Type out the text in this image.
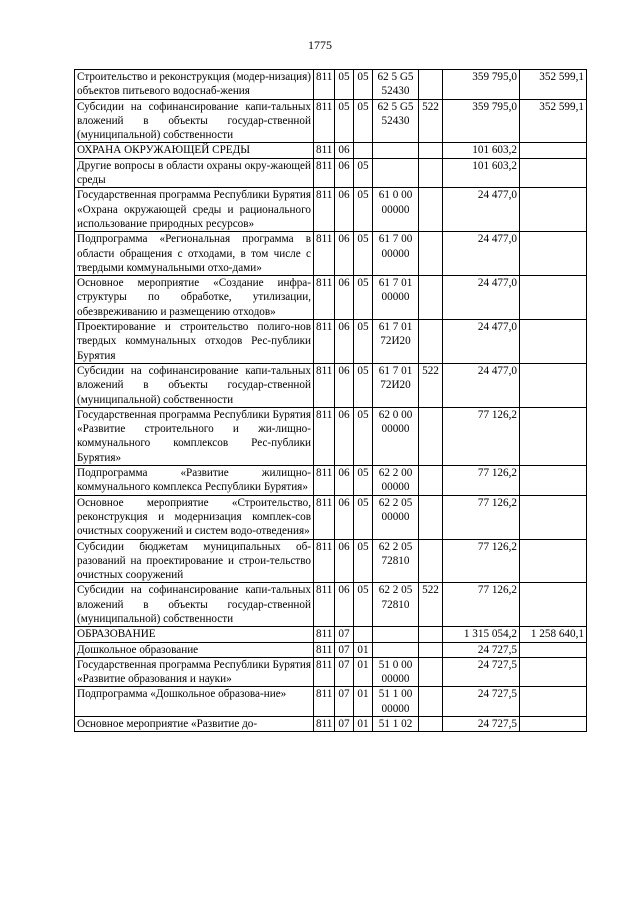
1775
Строительство и реконструкция (модер-низация) объектов питьевого водоснаб-жения	811	05	05	62 5 G5 52430		359 795,0	352 599,1
Субсидии на софинансирование капи-тальных вложений в объекты государ-ственной (муниципальной) собственности	811	05	05	62 5 G5 52430	522	359 795,0	352 599,1
ОХРАНА ОКРУЖАЮЩЕЙ СРЕДЫ	811	06				101 603,2	
Другие вопросы в области охраны окру-жающей среды	811	06	05			101 603,2	
Государственная программа Республики Бурятия «Охрана окружающей среды и рационального использование природных ресурсов»	811	06	05	61 0 00 00000		24 477,0	
Подпрограмма «Региональная программа в области обращения с отходами, в том числе с твердыми коммунальными отхо-дами»	811	06	05	61 7 00 00000		24 477,0	
Основное мероприятие «Создание инфра-структуры по обработке, утилизации, обезвреживанию и размещению отходов»	811	06	05	61 7 01 00000		24 477,0	
Проектирование и строительство полиго-нов твердых коммунальных отходов Рес-публики Бурятия	811	06	05	61 7 01 72И20		24 477,0	
Субсидии на софинансирование капи-тальных вложений в объекты государ-ственной (муниципальной) собственности	811	06	05	61 7 01 72И20	522	24 477,0	
Государственная программа Республики Бурятия «Развитие строительного и жи-лищно-коммунального комплексов Рес-публики Бурятия»	811	06	05	62 0 00 00000		77 126,2	
Подпрограмма «Развитие жилищно-коммунального комплекса Республики Бурятия»	811	06	05	62 2 00 00000		77 126,2	
Основное мероприятие «Строительство, реконструкция и модернизация комплек-сов очистных сооружений и систем водо-отведения»	811	06	05	62 2 05 00000		77 126,2	
Субсидии бюджетам муниципальных об-разований на проектирование и строи-тельство очистных сооружений	811	06	05	62 2 05 72810		77 126,2	
Субсидии на софинансирование капи-тальных вложений в объекты государ-ственной (муниципальной) собственности	811	06	05	62 2 05 72810	522	77 126,2	
ОБРАЗОВАНИЕ	811	07				1 315 054,2	1 258 640,1
Дошкольное образование	811	07	01			24 727,5	
Государственная программа Республики Бурятия «Развитие образования и науки»	811	07	01	51 0 00 00000		24 727,5	
Подпрограмма «Дошкольное образова-ние»	811	07	01	51 1 00 00000		24 727,5	
Основное мероприятие «Развитие до-	811	07	01	51 1 02		24 727,5	
